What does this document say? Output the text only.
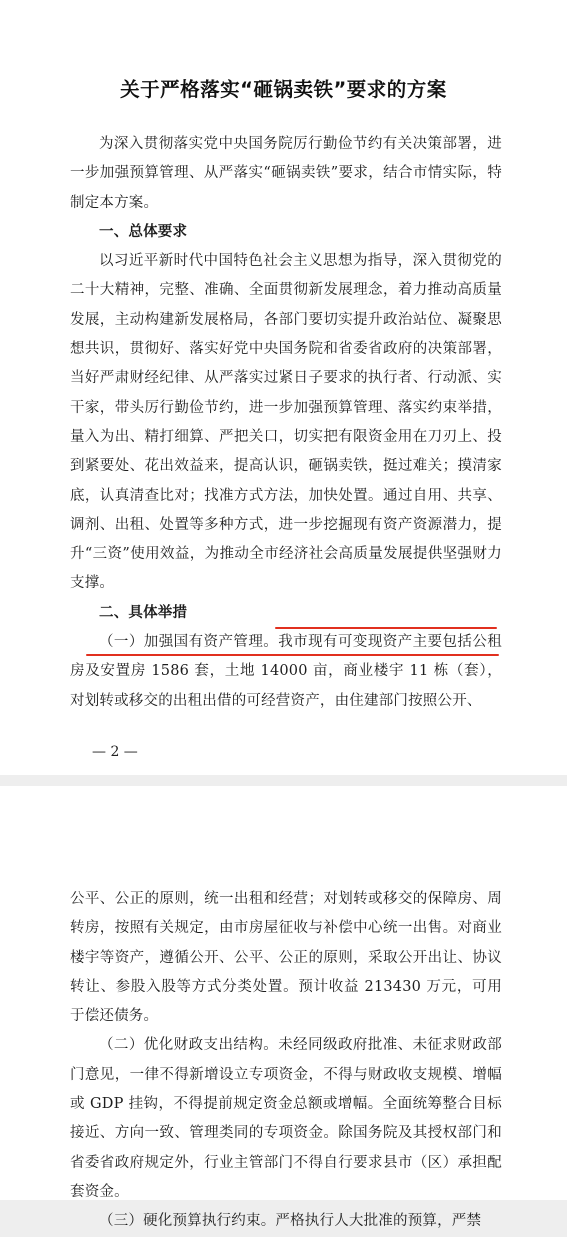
关于严格落实“砸锅卖铁”要求的方案

为深入贯彻落实党中央国务院厉行勤俭节约有关决策部署，进一步加强预算管理、从严落实“砸锅卖铁”要求，结合市情实际，特制定本方案。

一、总体要求

以习近平新时代中国特色社会主义思想为指导，深入贯彻党的二十大精神，完整、准确、全面贯彻新发展理念，着力推动高质量发展，主动构建新发展格局，各部门要切实提升政治站位、凝聚思想共识，贯彻好、落实好党中央国务院和省委省政府的决策部署，当好严肃财经纪律、从严落实过紧日子要求的执行者、行动派、实干家，带头厉行勤俭节约，进一步加强预算管理、落实约束举措，量入为出、精打细算、严把关口，切实把有限资金用在刀刃上、投到紧要处、花出效益来，提高认识，砸锅卖铁，挺过难关；摸清家底，认真清查比对；找准方式方法，加快处置。通过自用、共享、调剂、出租、处置等多种方式，进一步挖掘现有资产资源潜力，提升“三资”使用效益，为推动全市经济社会高质量发展提供坚强财力支撑。

二、具体举措

（一）加强国有资产管理。我市现有可变现资产主要包括公租房及安置房 1586 套，土地 14000 亩，商业楼宇 11 栋（套），对划转或移交的出租出借的可经营资产，由住建部门按照公开、

— 2 —

公平、公正的原则，统一出租和经营；对划转或移交的保障房、周转房，按照有关规定，由市房屋征收与补偿中心统一出售。对商业楼宇等资产，遵循公开、公平、公正的原则，采取公开出让、协议转让、参股入股等方式分类处置。预计收益 213430 万元，可用于偿还债务。

（二）优化财政支出结构。未经同级政府批准、未征求财政部门意见，一律不得新增设立专项资金，不得与财政收支规模、增幅或 GDP 挂钩，不得提前规定资金总额或增幅。全面统筹整合目标接近、方向一致、管理类同的专项资金。除国务院及其授权部门和省委省政府规定外，行业主管部门不得自行要求县市（区）承担配套资金。

（三）硬化预算执行约束。严格执行人大批准的预算，严禁
